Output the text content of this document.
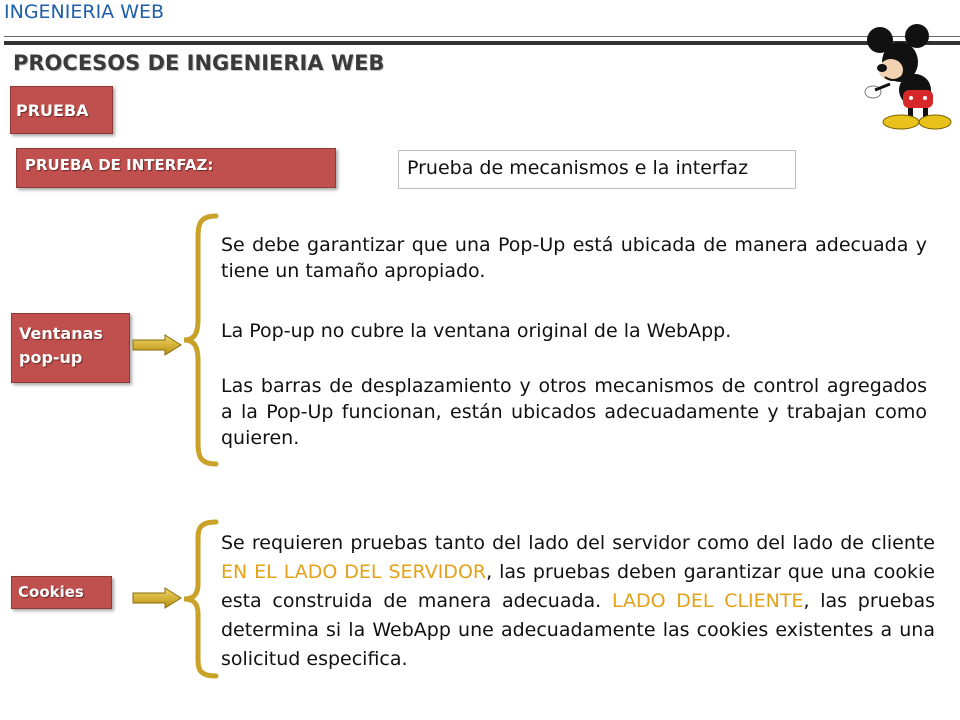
INGENIERIA WEB
PROCESOS DE INGENIERIA WEB
PRUEBA
PRUEBA DE INTERFAZ:	Prueba de mecanismos e la interfaz
Ventanas
pop-up
Cookies
Se debe garantizar que una Pop-Up está ubicada de manera adecuada y tiene un tamaño apropiado.
La Pop-up no cubre la ventana original de la WebApp.
Las barras de desplazamiento y otros mecanismos de control agregados a la Pop-Up funcionan, están ubicados adecuadamente y trabajan como quieren.
Se requieren pruebas tanto del lado del servidor como del lado de cliente EN EL LADO DEL SERVIDOR, las pruebas deben garantizar que una cookie esta construida de manera adecuada. LADO DEL CLIENTE, las pruebas determina si la WebApp une adecuadamente las cookies existentes a una solicitud especifica.
